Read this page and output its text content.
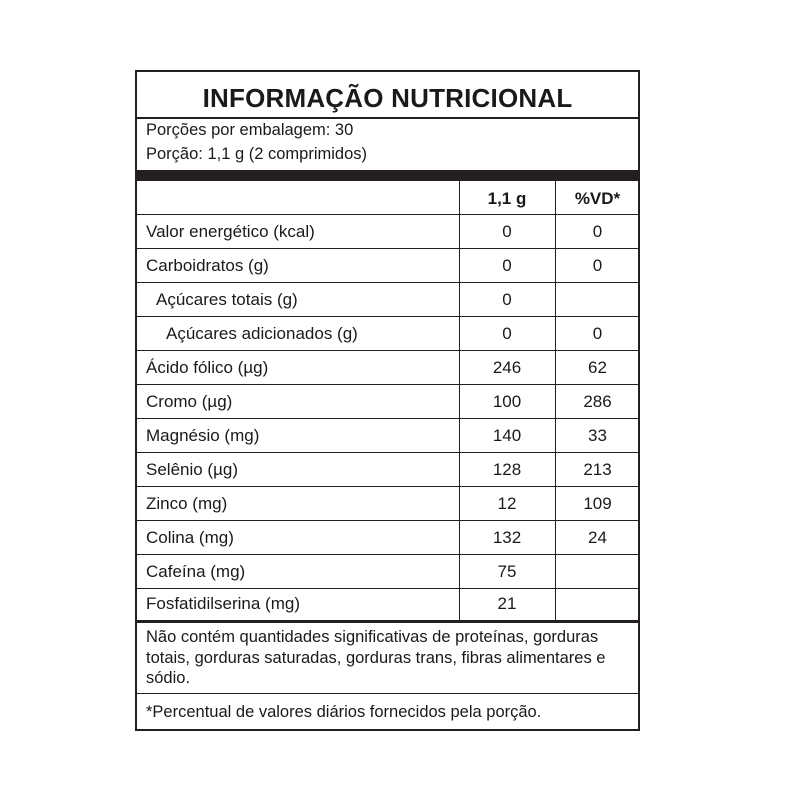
INFORMAÇÃO NUTRICIONAL
Porções por embalagem: 30
Porção: 1,1 g (2 comprimidos)
1,1 g	%VD*
Valor energético (kcal)	0	0
Carboidratos (g)	0	0
Açúcares totais (g)	0
Açúcares adicionados (g)	0	0
Ácido fólico (µg)	246	62
Cromo (µg)	100	286
Magnésio (mg)	140	33
Selênio (µg)	128	213
Zinco (mg)	12	109
Colina (mg)	132	24
Cafeína (mg)	75
Fosfatidilserina (mg)	21
Não contém quantidades significativas de proteínas, gorduras totais, gorduras saturadas, gorduras trans, fibras alimentares e sódio.
*Percentual de valores diários fornecidos pela porção.
